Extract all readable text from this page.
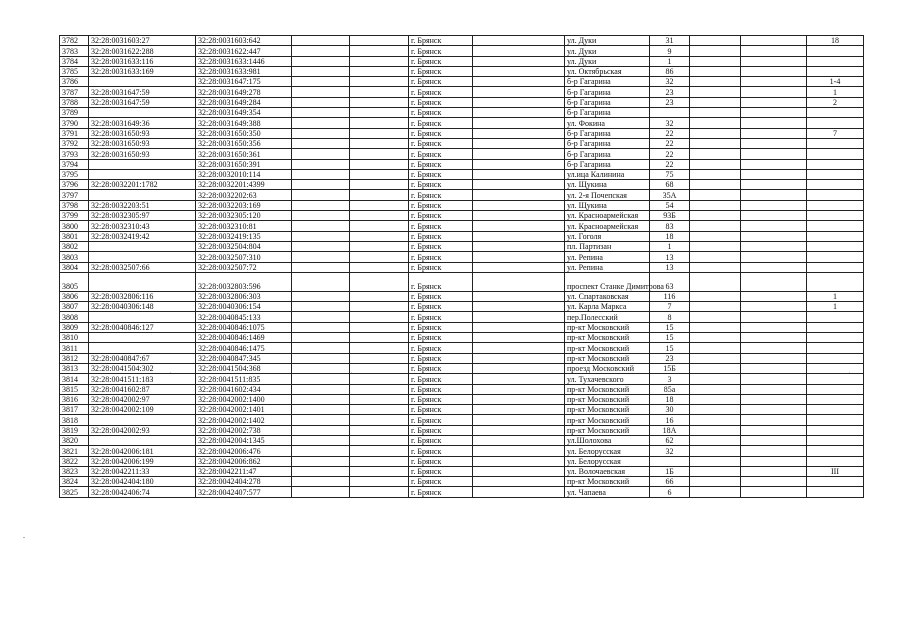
3782	32:28:0031603:27	32:28:0031603:642			г. Брянск		ул. Дуки	31			18
3783	32:28:0031622:288	32:28:0031622:447			г. Брянск		ул. Дуки	9			
3784	32:28:0031633:116	32:28:0031633:1446			г. Брянск		ул. Дуки	1			
3785	32:28:0031633:169	32:28:0031633:981			г. Брянск		ул. Октябрьская	86			
3786		32:28:0031647:175			г. Брянск		б-р Гагарина	32			1-4
3787	32:28:0031647:59	32:28:0031649:278			г. Брянск		б-р Гагарина	23			1
3788	32:28:0031647:59	32:28:0031649:284			г. Брянск		б-р Гагарина	23			2
3789		32:28:0031649:354			г. Брянск		б-р Гагарина				
3790	32:28:0031649:36	32:28:0031649:388			г. Брянск		ул. Фокина	32			
3791	32:28:0031650:93	32:28:0031650:350			г. Брянск		б-р Гагарина	22			7
3792	32:28:0031650:93	32:28:0031650:356			г. Брянск		б-р Гагарина	22			
3793	32:28:0031650:93	32:28:0031650:361			г. Брянск		б-р Гагарина	22			
3794		32:28:0031650:391			г. Брянск		б-р Гагарина	22			
3795		32:28:0032010:114			г. Брянск		ул.ица Калинина	75			
3796	32:28:0032201:1782	32:28:0032201:4399			г. Брянск		ул. Щукина	68			
3797		32:28:0032202:63			г. Брянск		ул. 2-я Почепская	35А			
3798	32:28:0032203:51	32:28:0032203:169			г. Брянск		ул. Щукина	54			
3799	32:28:0032305:97	32:28:0032305:120			г. Брянск		ул. Красноармейская	93Б			
3800	32:28:0032310:43	32:28:0032310:81			г. Брянск		ул. Красноармейская	83			
3801	32:28:0032419:42	32:28:0032419:135			г. Брянск		ул. Гоголя	18			
3802		32:28:0032504:804			г. Брянск		пл. Партизан	1			
3803		32:28:0032507:310			г. Брянск		ул. Репина	13			
3804	32:28:0032507:66	32:28:0032507:72			г. Брянск		ул. Репина	13			
3805		32:28:0032803:596			г. Брянск		проспект Станке Димитрова	63			
3806	32:28:0032806:116	32:28:0032806:303			г. Брянск		ул. Спартаковская	116			1
3807	32:28:0040306:148	32:28:0040306:154			г. Брянск		ул. Карла Маркса	7			1
3808		32:28:0040845:133			г. Брянск		пер.Полесский	8			
3809	32:28:0040846:127	32:28:0040846:1075			г. Брянск		пр-кт Московский	15			
3810		32:28:0040846:1469			г. Брянск		пр-кт Московский	15			
3811		32:28:0040846:1475			г. Брянск		пр-кт Московский	15			
3812	32:28:0040847:67	32:28:0040847:345			г. Брянск		пр-кт Московский	23			
3813	32:28:0041504:302	32:28:0041504:368			г. Брянск		проезд Московский	15Б			
3814	32:28:0041511:183	32:28:0041511:835			г. Брянск		ул. Тухачевского	3			
3815	32:28:0041602:87	32:28:0041602:434			г. Брянск		пр-кт Московский	85а			
3816	32:28:0042002:97	32:28:0042002:1400			г. Брянск		пр-кт Московский	18			
3817	32:28:0042002:109	32:28:0042002:1401			г. Брянск		пр-кт Московский	30			
3818		32:28:0042002:1402			г. Брянск		пр-кт Московский	16			
3819	32:28:0042002:93	32:28:0042002:738			г. Брянск		пр-кт Московский	18А			
3820		32:28:0042004:1345			г. Брянск		ул.Шолохова	62			
3821	32:28:0042006:181	32:28:0042006:476			г. Брянск		ул. Белорусская	32			
3822	32:28:0042006:199	32:28:0042006:862			г. Брянск		ул. Белорусская				
3823	32:28:0042211:33	32:28:0042211:47			г. Брянск		ул. Волочаевская	1Б			III
3824	32:28:0042404:180	32:28:0042404:278			г. Брянск		пр-кт Московский	66			
3825	32:28:0042406:74	32:28:0042407:577			г. Брянск		ул. Чапаева	6			
˙	˙	˙
.
